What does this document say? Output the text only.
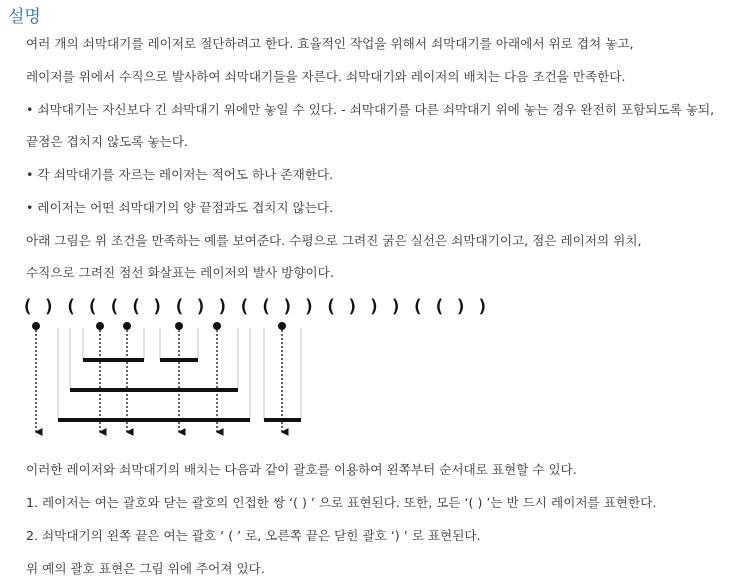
설명
여러 개의 쇠막대기를 레이저로 절단하려고 한다. 효율적인 작업을 위해서 쇠막대기를 아래에서 위로 겹쳐 놓고,
레이저를 위에서 수직으로 발사하여 쇠막대기들을 자른다. 쇠막대기와 레이저의 배치는 다음 조건을 만족한다.
• 쇠막대기는 자신보다 긴 쇠막대기 위에만 놓일 수 있다. - 쇠막대기를 다른 쇠막대기 위에 놓는 경우 완전히 포함되도록 놓되,
끝점은 겹치지 않도록 놓는다.
• 각 쇠막대기를 자르는 레이저는 적어도 하나 존재한다.
• 레이저는 어떤 쇠막대기의 양 끝점과도 겹치지 않는다.
아래 그림은 위 조건을 만족하는 예를 보여준다. 수평으로 그려진 굵은 실선은 쇠막대기이고, 점은 레이저의 위치,
수직으로 그려진 점선 화살표는 레이저의 발사 방향이다.
( ) ( ( ( ( ) ( ) ) ( ( ) ) ( ) ) ) ( ( ) )
이러한 레이저와 쇠막대기의 배치는 다음과 같이 괄호를 이용하여 왼쪽부터 순서대로 표현할 수 있다.
1. 레이저는 여는 괄호와 닫는 괄호의 인접한 쌍 ‘( ) ’ 으로 표현된다. 또한, 모든 ‘( ) ’는 반 드시 레이저를 표현한다.
2. 쇠막대기의 왼쪽 끝은 여는 괄호 ‘ ( ’ 로, 오른쪽 끝은 닫힌 괄호 ‘) ’ 로 표현된다.
위 예의 괄호 표현은 그림 위에 주어져 있다.
